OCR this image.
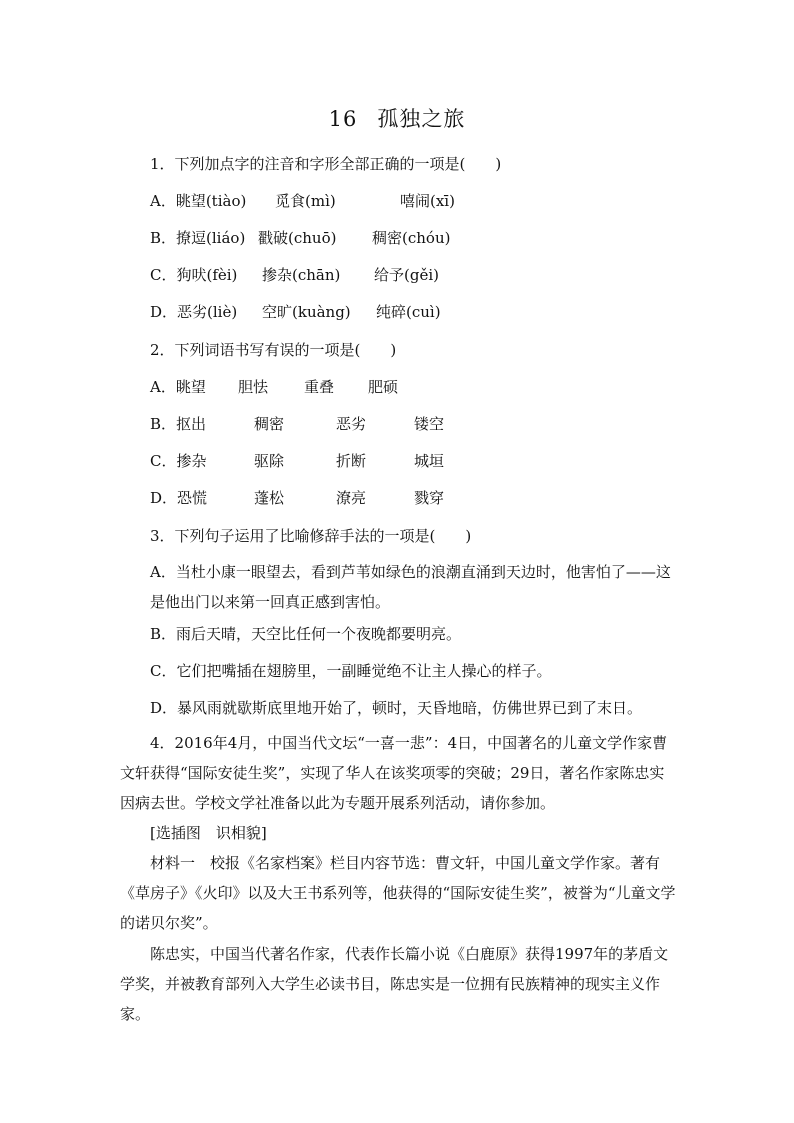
16 孤独之旅
1．下列加点字的注音和字形全部正确的一项是(　　)
A．眺望(tiào)	觅食(mì)	嘻闹(xī)
B．撩逗(liáo) 戳破(chuō)	稠密(chóu)
C．狗吠(fèi)	掺杂(chān)	给予(gěi)
D．恶劣(liè)	空旷(kuàng)	纯碎(cuì)
2．下列词语书写有误的一项是(　　)
A．眺望	胆怯	重叠	肥硕
B．抠出	稠密	恶劣	镂空
C．掺杂	驱除	折断	城垣
D．恐慌	蓬松	潦亮	戮穿
3．下列句子运用了比喻修辞手法的一项是(　　)
A．当杜小康一眼望去，看到芦苇如绿色的浪潮直涌到天边时，他害怕了——这是他出门以来第一回真正感到害怕。
B．雨后天晴，天空比任何一个夜晚都要明亮。
C．它们把嘴插在翅膀里，一副睡觉绝不让主人操心的样子。
D．暴风雨就歇斯底里地开始了，顿时，天昏地暗，仿佛世界已到了末日。
4．2016年4月，中国当代文坛“一喜一悲”：4日，中国著名的儿童文学作家曹文轩获得“国际安徒生奖”，实现了华人在该奖项零的突破；29日，著名作家陈忠实因病去世。学校文学社准备以此为专题开展系列活动，请你参加。
[选插图　识相貌]
材料一　校报《名家档案》栏目内容节选：曹文轩，中国儿童文学作家。著有《草房子》《火印》以及大王书系列等，他获得的“国际安徒生奖”，被誉为“儿童文学的诺贝尔奖”。
陈忠实，中国当代著名作家，代表作长篇小说《白鹿原》获得1997年的茅盾文学奖，并被教育部列入大学生必读书目，陈忠实是一位拥有民族精神的现实主义作家。
